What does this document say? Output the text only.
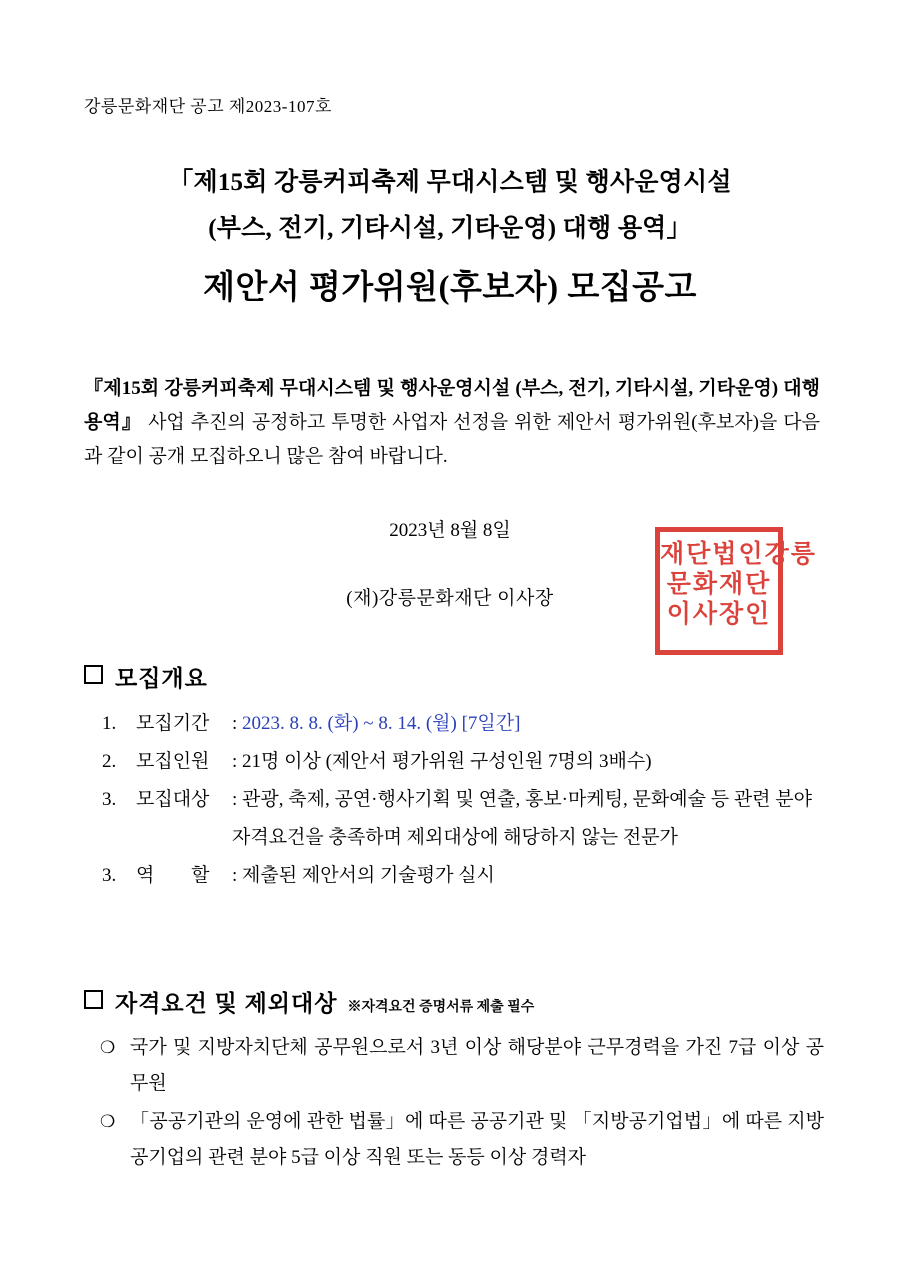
강릉문화재단 공고 제2023-107호
「제15회 강릉커피축제 무대시스템 및 행사운영시설
(부스, 전기, 기타시설, 기타운영) 대행 용역」
제안서 평가위원(후보자) 모집공고
『제15회 강릉커피축제 무대시스템 및 행사운영시설 (부스, 전기, 기타시설, 기타운영) 대행 용역』 사업 추진의 공정하고 투명한 사업자 선정을 위한 제안서 평가위원(후보자)을 다음과 같이 공개 모집하오니 많은 참여 바랍니다.
2023년 8월 8일
(재)강릉문화재단 이사장
재단법인강릉
문화재단
이사장인
모집개요
1.	모집기간	: 2023. 8. 8. (화) ~ 8. 14. (월) [7일간]
2.	모집인원	: 21명 이상 (제안서 평가위원 구성인원 7명의 3배수)
3.	모집대상	: 관광, 축제, 공연·행사기획 및 연출, 홍보·마케팅, 문화예술 등 관련 분야 자격요건을 충족하며 제외대상에 해당하지 않는 전문가
3.	역 할 : 제출된 제안서의 기술평가 실시
자격요건 및 제외대상 ※자격요건 증명서류 제출 필수
❍ 국가 및 지방자치단체 공무원으로서 3년 이상 해당분야 근무경력을 가진 7급 이상 공무원
❍ 「공공기관의 운영에 관한 법률」에 따른 공공기관 및 「지방공기업법」에 따른 지방공기업의 관련 분야 5급 이상 직원 또는 동등 이상 경력자
